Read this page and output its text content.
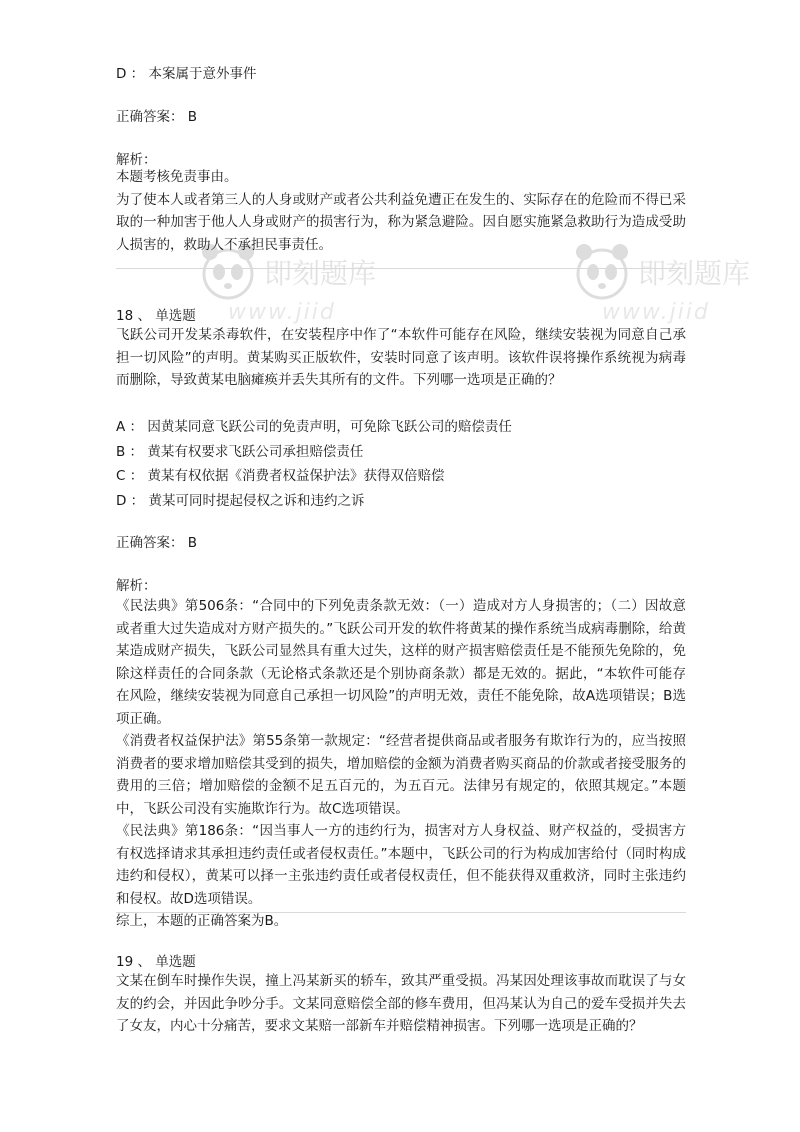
即刻题库
www.jiid
即刻题库
www.jiid
D ： 本案属于意外事件
正确答案： B
解析：

本题考核免责事由。

为了使本人或者第三人的人身或财产或者公共利益免遭正在发生的、实际存在的危险而不得已采取的一种加害于他人人身或财产的损害行为，称为紧急避险。因自愿实施紧急救助行为造成受助人损害的，救助人不承担民事责任。

18 、 单选题

飞跃公司开发某杀毒软件，在安装程序中作了“本软件可能存在风险，继续安装视为同意自己承担一切风险”的声明。黄某购买正版软件，安装时同意了该声明。该软件误将操作系统视为病毒而删除，导致黄某电脑瘫痪并丢失其所有的文件。下列哪一选项是正确的？

A ： 因黄某同意飞跃公司的免责声明，可免除飞跃公司的赔偿责任
B ： 黄某有权要求飞跃公司承担赔偿责任
C ： 黄某有权依据《消费者权益保护法》获得双倍赔偿
D ： 黄某可同时提起侵权之诉和违约之诉
正确答案： B
解析：

《民法典》第506条：“合同中的下列免责条款无效：（一）造成对方人身损害的；（二）因故意或者重大过失造成对方财产损失的。”飞跃公司开发的软件将黄某的操作系统当成病毒删除，给黄某造成财产损失，飞跃公司显然具有重大过失，这样的财产损害赔偿责任是不能预先免除的，免除这样责任的合同条款（无论格式条款还是个别协商条款）都是无效的。据此，“本软件可能存在风险，继续安装视为同意自己承担一切风险”的声明无效，责任不能免除，故A选项错误；B选项正确。

《消费者权益保护法》第55条第一款规定：“经营者提供商品或者服务有欺诈行为的，应当按照消费者的要求增加赔偿其受到的损失，增加赔偿的金额为消费者购买商品的价款或者接受服务的费用的三倍；增加赔偿的金额不足五百元的，为五百元。法律另有规定的，依照其规定。”本题中，飞跃公司没有实施欺诈行为。故C选项错误。

《民法典》第186条：“因当事人一方的违约行为，损害对方人身权益、财产权益的，受损害方有权选择请求其承担违约责任或者侵权责任。”本题中，飞跃公司的行为构成加害给付（同时构成违约和侵权），黄某可以择一主张违约责任或者侵权责任，但不能获得双重救济，同时主张违约和侵权。故D选项错误。

综上，本题的正确答案为B。

19 、 单选题

文某在倒车时操作失误，撞上冯某新买的轿车，致其严重受损。冯某因处理该事故而耽误了与女友的约会，并因此争吵分手。文某同意赔偿全部的修车费用，但冯某认为自己的爱车受损并失去了女友，内心十分痛苦，要求文某赔一部新车并赔偿精神损害。下列哪一选项是正确的？
